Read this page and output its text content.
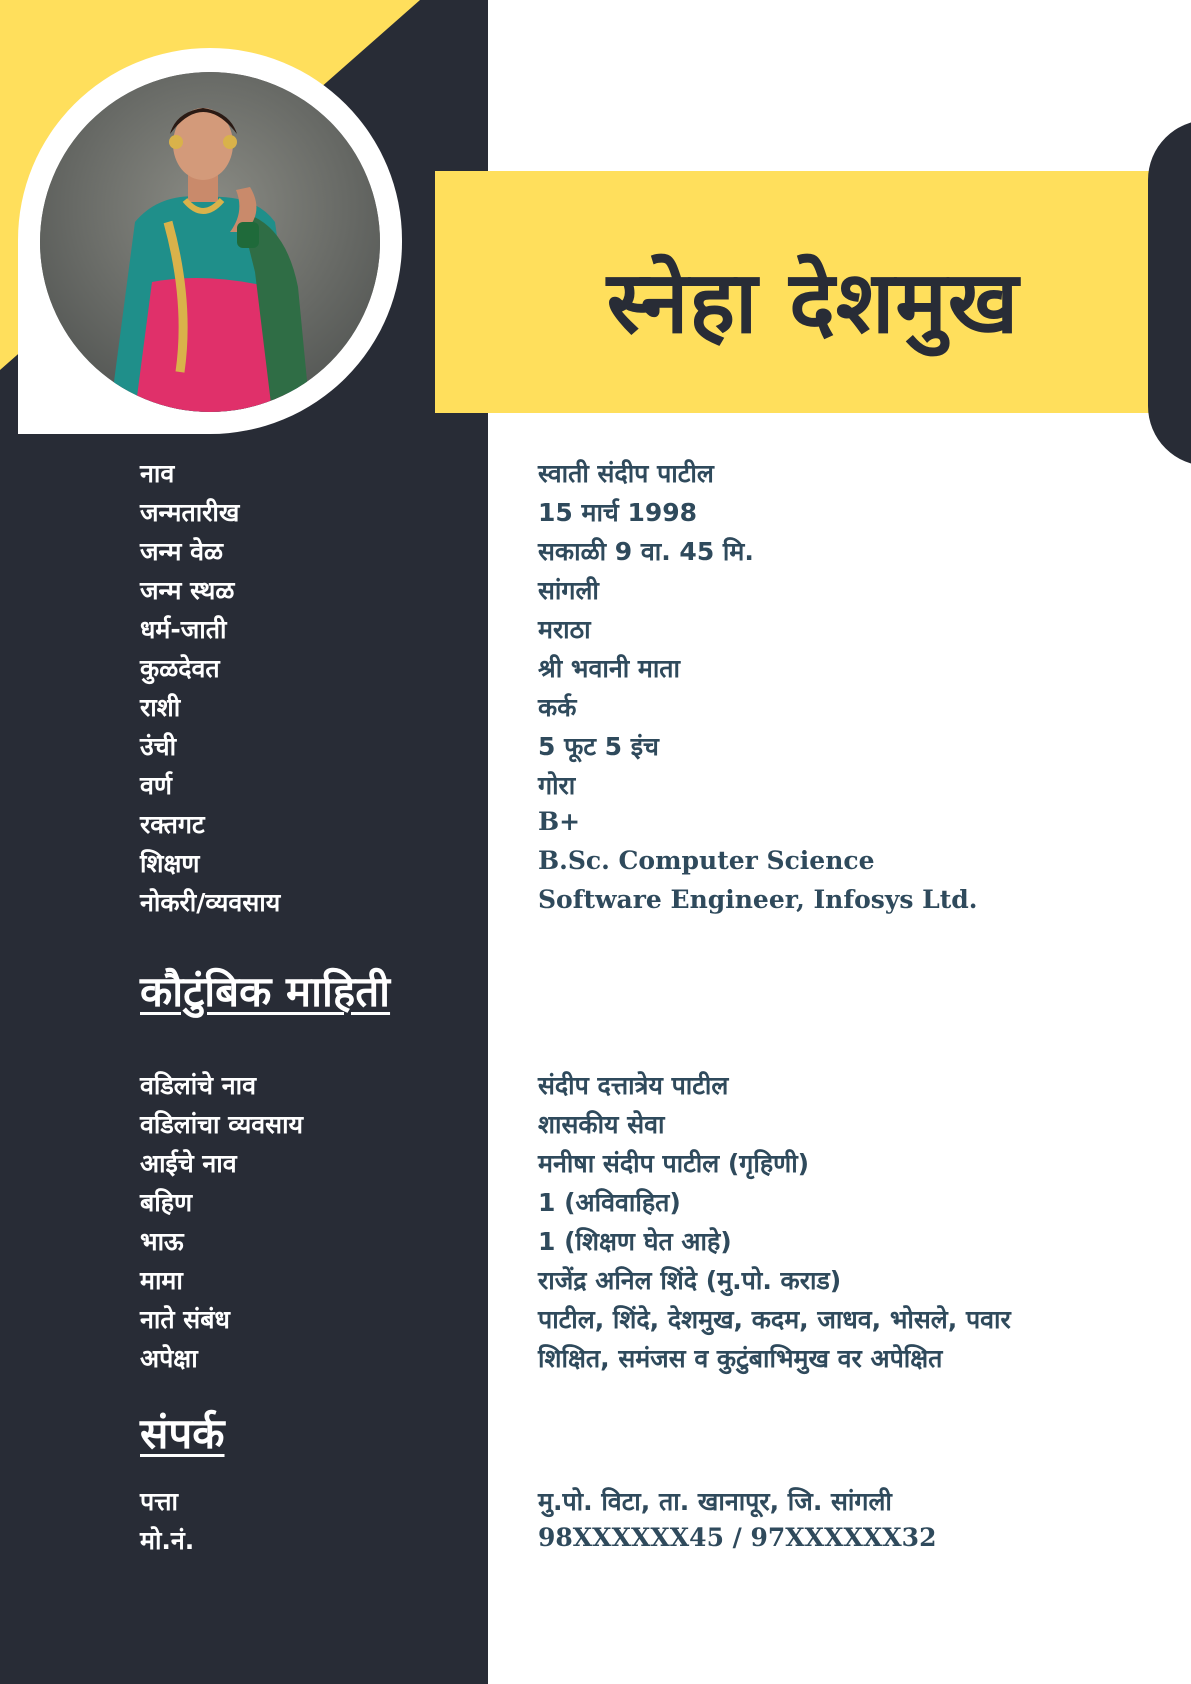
स्नेहा देशमुख
नाव	स्वाती संदीप पाटील
जन्मतारीख	15 मार्च 1998
जन्म वेळ	सकाळी 9 वा. 45 मि.
जन्म स्थळ	सांगली
धर्म-जाती	मराठा
कुळदेवत	श्री भवानी माता
राशी	कर्क
उंची	5 फूट 5 इंच
वर्ण	गोरा
रक्तगट	B+
शिक्षण	B.Sc. Computer Science
नोकरी/व्यवसाय	Software Engineer, Infosys Ltd.
कौटुंबिक माहिती
वडिलांचे नाव	संदीप दत्तात्रेय पाटील
वडिलांचा व्यवसाय	शासकीय सेवा
आईचे नाव	मनीषा संदीप पाटील (गृहिणी)
बहिण	1 (अविवाहित)
भाऊ	1 (शिक्षण घेत आहे)
मामा	राजेंद्र अनिल शिंदे (मु.पो. कराड)
नाते संबंध	पाटील, शिंदे, देशमुख, कदम, जाधव, भोसले, पवार
अपेक्षा	शिक्षित, समंजस व कुटुंबाभिमुख वर अपेक्षित
संपर्क
पत्ता	मु.पो. विटा, ता. खानापूर, जि. सांगली
मो.नं.	98XXXXXX45 / 97XXXXXX32
